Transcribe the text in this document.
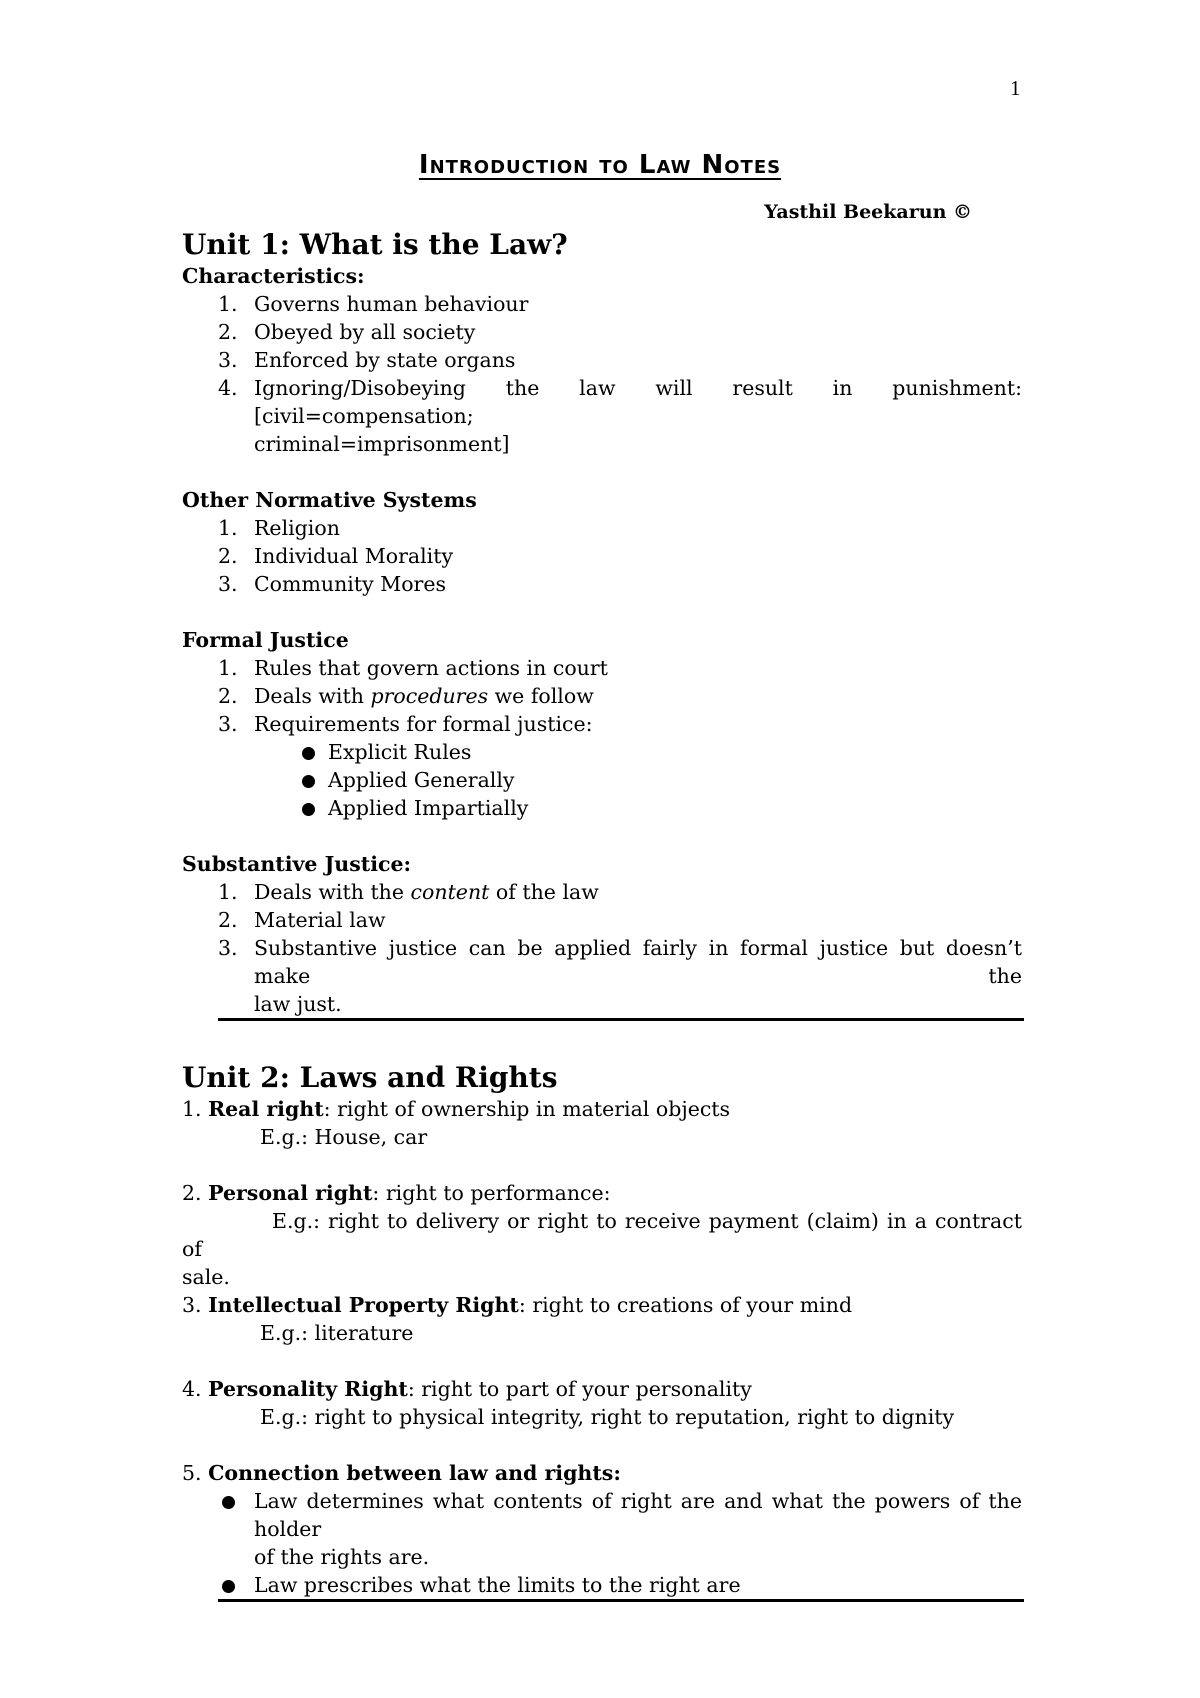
1
Introduction to Law Notes
Yasthil Beekarun ©
Unit 1: What is the Law?
Characteristics:
1. Governs human behaviour
2. Obeyed by all society
3. Enforced by state organs
4. Ignoring/Disobeying the law will result in punishment: [civil=compensation;
criminal=imprisonment]
Other Normative Systems
1. Religion
2. Individual Morality
3. Community Mores
Formal Justice
1. Rules that govern actions in court
2. Deals with procedures we follow
3. Requirements for formal justice:
Explicit Rules
Applied Generally
Applied Impartially
Substantive Justice:
1. Deals with the content of the law
2. Material law
3. Substantive justice can be applied fairly in formal justice but doesn’t make the
law just.
Unit 2: Laws and Rights
1. Real right: right of ownership in material objects
E.g.: House, car
2. Personal right: right to performance:
E.g.: right to delivery or right to receive payment (claim) in a contract of
sale.
3. Intellectual Property Right: right to creations of your mind
E.g.: literature
4. Personality Right: right to part of your personality
E.g.: right to physical integrity, right to reputation, right to dignity
5. Connection between law and rights:
Law determines what contents of right are and what the powers of the holder
of the rights are.
Law prescribes what the limits to the right are
